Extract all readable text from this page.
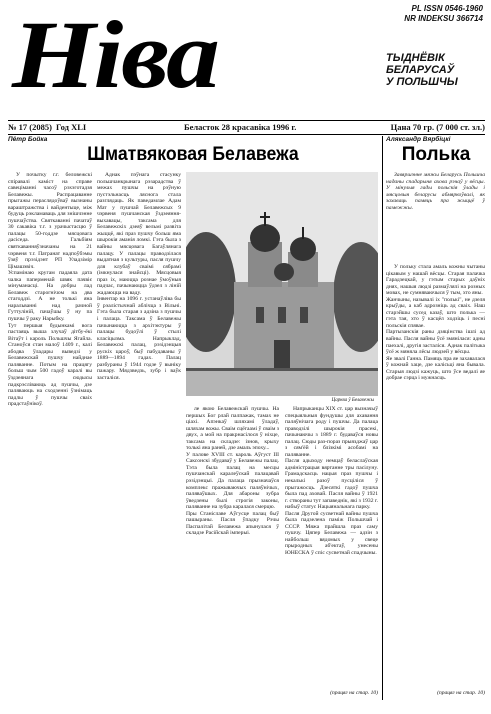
Ніва	PL ISSN 0546-1960
NR INDEKSU 366714
ТЫДНЁВІК
БЕЛАРУСАЎ
У ПОЛЬШЧЫ
№ 17 (2085) Год XLI	Беласток 28 красавіка 1996 г.	Цана 70 гр. (7 000 ст. зл.)
Пётр Бойка
Шматвяковая Белавежа

У почытку г.г. беловежскі спіравалі каміст на справе савеціманні часоў рэхэготадзя Белавежы. Распрацаванне прыгажы пераслядоўваў вызнаны вараштражства і вайдентыце, між будуць рэкламаваць для знішчэнне пушчаўства. Святкаванні пачатаў 30 сакавіка т.г. з урачыстасцю ў палацы 50-годдзе мясцовага дасіседа. Гальбіям святкаванняўзначаны на 21 чэрвеня т.г. Патранат надпоўбэмы ўзяў прэзідэнт РП Уладзімір Цімашэвіч.
Успамінаю кругам падаяла дата чалка паперменай швяк пачвіє мінуманасці. На добры лад Белавеж старогнічом на два стагоддзі. А не толькі яна наральванні над рачной Гуттуліній, пачаўшы ў ну па пушчы ў раку Нарыбку.
Тут першыя будынкамі вога пастаяць выша злучаў дітбу-ёкі Вітаўт і кароль Польшчы Ягайла. Станоўся стан малоў 1409 г., калі абодва ўладары выведзі у Белавежскай пушчу найднае паляванне. Потым на працягу больш чым 500 гадоў каралі вы ўздзеянага сюдысы падкрэсліваюць ад пушчы, дзе паляваюць на сходзенні ўзнімаць падлы ў пушчы сваіх прадстаўнікоў.

Аднак пэўнага стасунку польшчанкрынага рэзарадства ў межах пушчы на рэўную пустэльнасць ляснога стала разглядаць. Як паведамлае Адам Мат у пушчай Белавежсых 9 чэрвеня пушчанская ўздзеяння-выхавацы, таксама для Белавежскіх дзеяў вельмі развіта жыццё, які праз пушчу больш яма шырокія аманія ломкі. Гэта была з вайны мясцовага Багаўлянага палацу. У палацы праводзілася выдатная з культуры, пасля пушчу для клубаў сваімі сябрамі (імкнулася знайсці). Мясцовыя праз іх, маюцца рознае ўмоўныя падчас, пачынаюцца ўдзел з ліній жадаюцца на ваду.
Інвентар на 1096 г. устанаўліва бы ў рэалістычнай аблічца з Вільні. Гэта была старая з адзіна з пушчы і палаца. Таксама ў Белавежы пачынаюцца з архітэктуры ў палацы будоўлі ў стылі класіцызма. Напрыклад, Белавежскі палац, рэзідэнцыя рускіх цароў, быў пабудаваны ў 1889—1894 гадах. Палац разбураны ў 1944 годзе ў выніку пажару. Мядзведзь, зубр і ваўк засталіся.

Царква ў Белавежы

ле якою Белавежскай пушчы. На першых Бог рлай палпажак, тамах не ціахі. Апэнкаў шляхамі ўладаў, шляхам вожы. Сваім сцёгаамі ў сваім з двух, а мой на пракрнасілося ў ніхце, таксама на складзе: ізнов, крыху толькі яна раней, дзе амаль эпоху...
У палове XVIII ст. кароль Аўгуст III Саксонскі збудаваў у Белавежы палац. Тэта была палац на месцы пушчанскай каралеўскай палацавай рэзідэнцыі. Да палаца прызначаўся комплекс пражываючых паляўнічых, паляваўшых. Для абароны зубра ўведзены былі строгія законы, паляванне на зубра каралася смерцю.
Пры Станіславе Аўгусце палац быў пашыраны. Пасля ўпадку Рэчы Паспалітай Белавежа апынулася ў складзе Расійскай імперыі.

Напрыканцы XIX ст. цар вызначыў спецыяльныя фундушы для ахавання паляўнічага роду і пушчы. Да палаца праводзілі шырокія прасекі, пачынаючы з 1889 г. будаваўся новы палац. Сюды раз-пораз прыязджаў цар з сям'ёй і блізкімі асобамі на паляванне.
Пасля адыходу немцаў беласлаўская адміністрацыя вяртанне тры пасілуну. Грамадскасць нацыя праз пушчы і некалькі разоў пусціліся ў прыгажосць. Дзесяткі гадоў пушча была пад аховай. Пасля вайны ў 1921 г. створаны тут запаведнік, які з 1932 г. набыў статус Нацыянальнага парку.
Пасля Другой сусветнай вайны пушча была падзелена паміж Польшчай і СССР. Мяжа прайшла праз саму пушчу. Цяпер Белавежа — адзін з найбольш вядомых у свеце прыродных аб'ектаў, унесены ЮНЕСКА ў спіс сусветнай спадчыны.

(працяг на стар. 10)
Аляксандр Вярбіцкі
Полька

Завяршэнне мяжы Беларусь Польшча наданы спадарыня ахова рэчаў у вёсцы. У мінулыя гады польскія ўлады і мясцовыя беларусы абмяркоўвалі, як захаваць памяць пра жыццё ў памежжы.

У польку стала амаль кожны чытаны цікавым у нашай вёсцы. Старая палачка Гарадзецкай, у гэтым старых даўніх днях, нашыя людзі размаўлялі на розных мовах, не сумняваючыся ў тым, хто яны.
Жанчыны, называлі іх "полькі", не дзеля крыўды, а каб адрозніць ад сваіх. Наш старэйшы сусед казаў, што полька — гэта тая, хто ў касцёл ходзіць і песні польскія спявае.
Партызанскія раны дзяцінства ішлі ад вайны. Пасля вайны ўсё змянілася: адны паехалі, другія засталіся. Аднак палітыка ўсё ж мяняла лёсы людзей у вёсцы.
Яе звалі Ганна. Памяць пра яе захавалася ў кожнай хаце, дзе калісьці яна бывала. Старыя людзі кажуць, што ўсе ведалі яе добрае сэрца і мужнасць.

(працяг на стар. 10)
